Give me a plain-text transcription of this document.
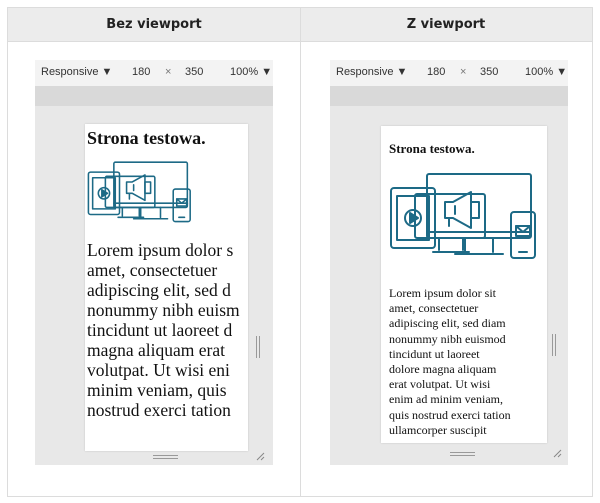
Bez viewport	Z viewport
Responsive ▼ 180 × 350 100% ▼
Strona testowa.
Lorem ipsum dolor s
amet, consectetuer
adipiscing elit, sed d
nonummy nibh euism
tincidunt ut laoreet d
magna aliquam erat
volutpat. Ut wisi eni
minim veniam, quis
nostrud exerci tation
Responsive ▼ 180 × 350 100% ▼
Strona testowa.
Lorem ipsum dolor sit
amet, consectetuer
adipiscing elit, sed diam
nonummy nibh euismod
tincidunt ut laoreet
dolore magna aliquam
erat volutpat. Ut wisi
enim ad minim veniam,
quis nostrud exerci tation
ullamcorper suscipit
